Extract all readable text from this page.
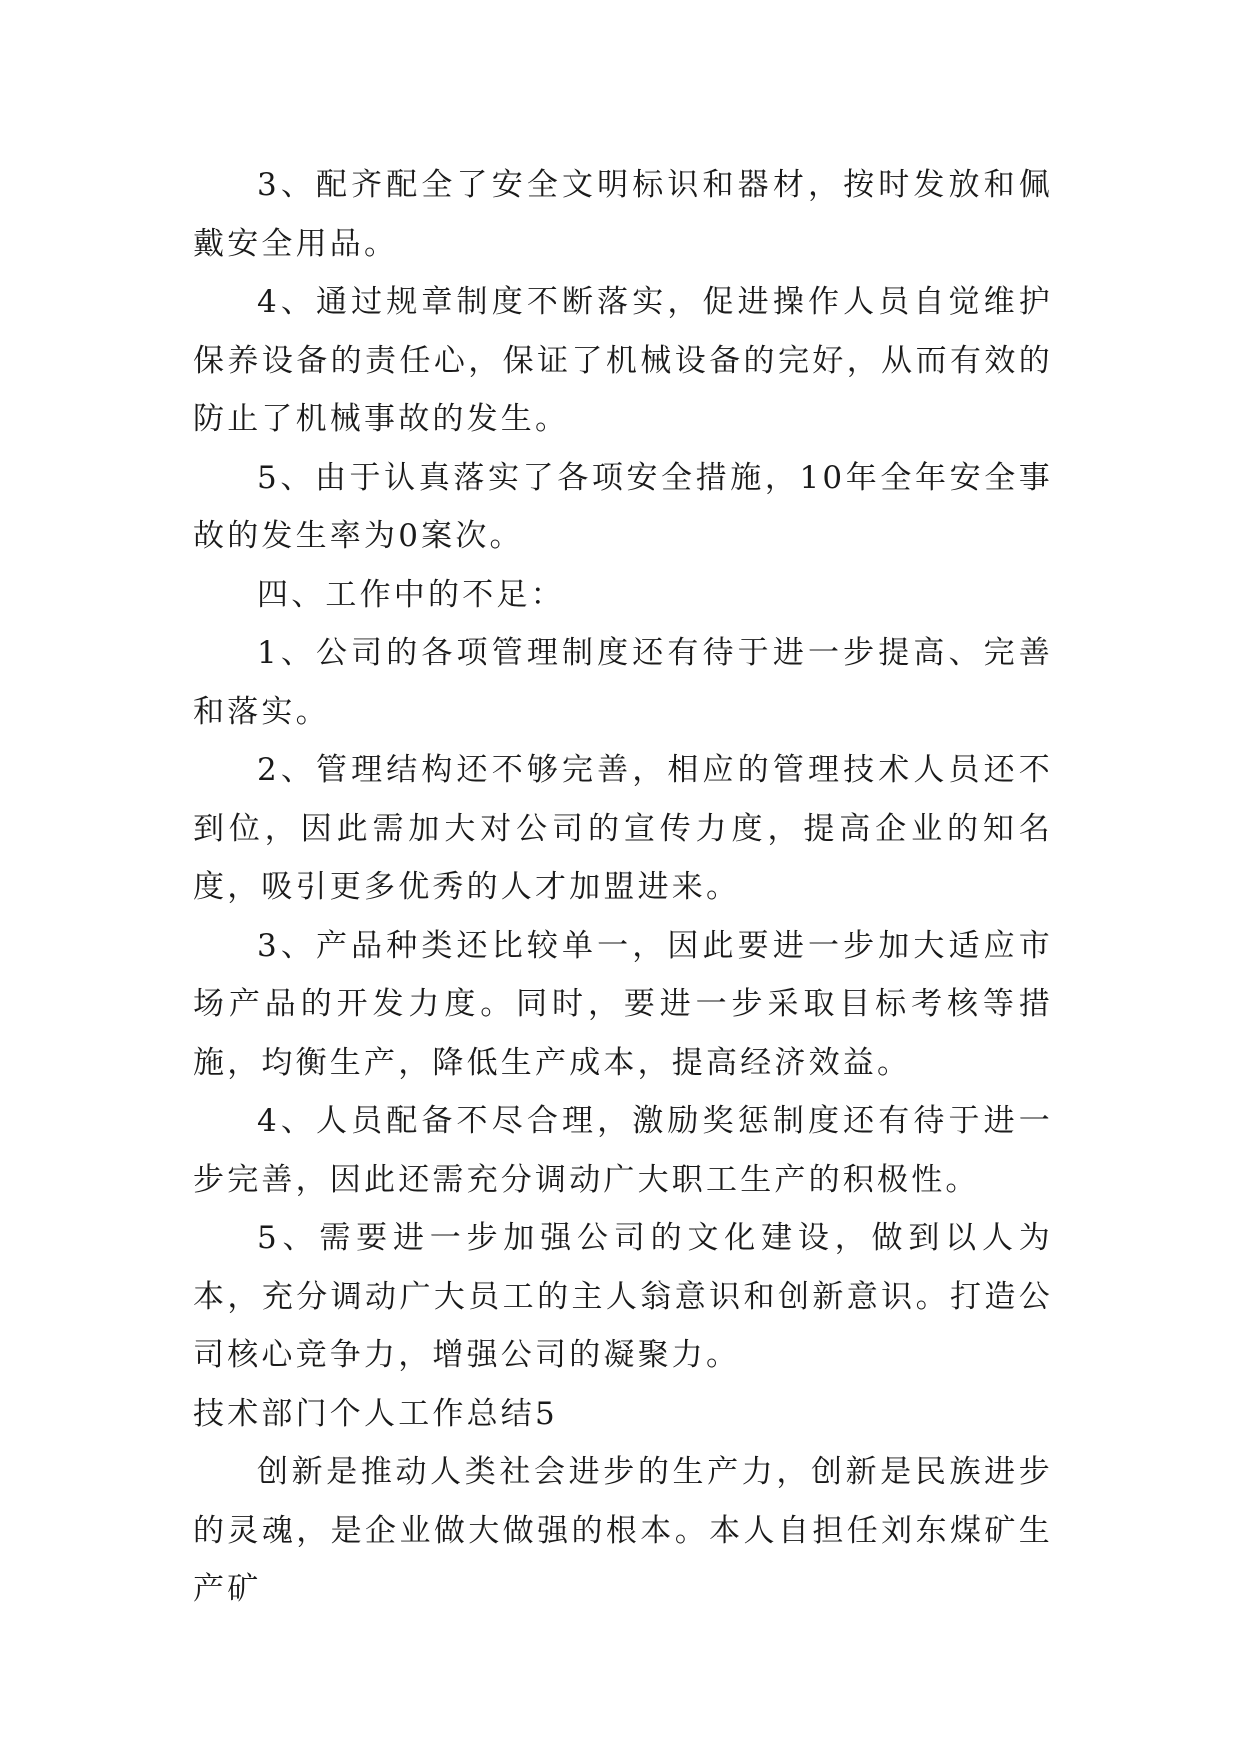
3、配齐配全了安全文明标识和器材，按时发放和佩戴安全用品。

4、通过规章制度不断落实，促进操作人员自觉维护保养设备的责任心，保证了机械设备的完好，从而有效的防止了机械事故的发生。

5、由于认真落实了各项安全措施，10年全年安全事故的发生率为0案次。

四、工作中的不足：

1、公司的各项管理制度还有待于进一步提高、完善和落实。

2、管理结构还不够完善，相应的管理技术人员还不到位，因此需加大对公司的宣传力度，提高企业的知名度，吸引更多优秀的人才加盟进来。

3、产品种类还比较单一，因此要进一步加大适应市场产品的开发力度。同时，要进一步采取目标考核等措施，均衡生产，降低生产成本，提高经济效益。

4、人员配备不尽合理，激励奖惩制度还有待于进一步完善，因此还需充分调动广大职工生产的积极性。

5、需要进一步加强公司的文化建设，做到以人为本，充分调动广大员工的主人翁意识和创新意识。打造公司核心竞争力，增强公司的凝聚力。

技术部门个人工作总结5

创新是推动人类社会进步的生产力，创新是民族进步的灵魂，是企业做大做强的根本。本人自担任刘东煤矿生产矿
